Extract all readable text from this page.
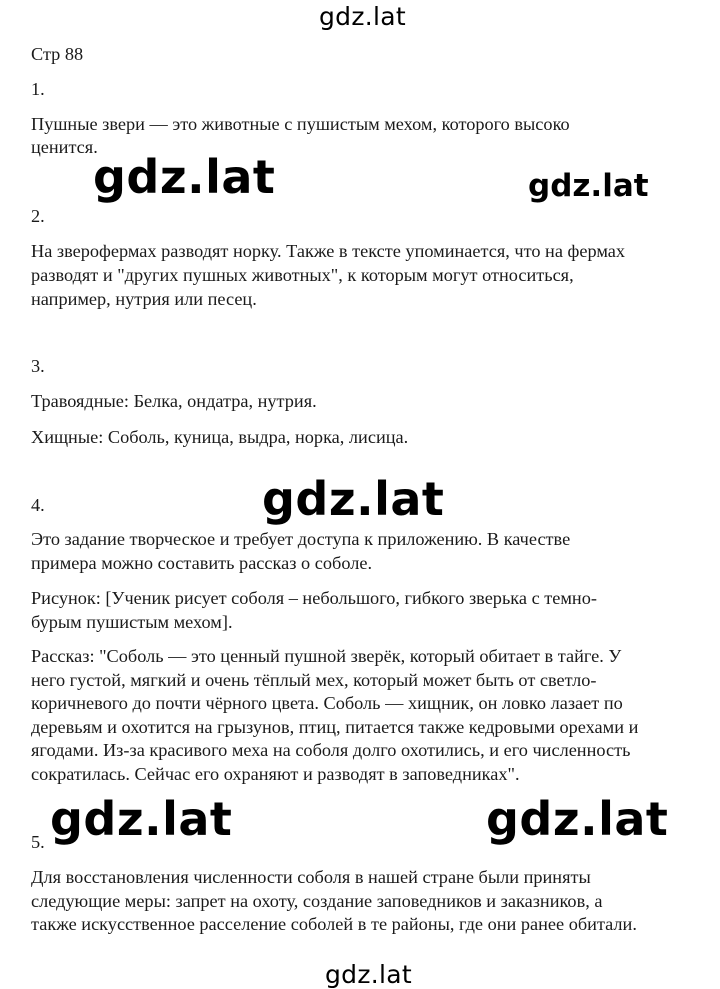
gdz.lat
gdz.lat	gdz.lat
gdz.lat
gdz.lat	gdz.lat
gdz.lat
Стр 88
1.
Пушные звери — это животные с пушистым мехом, которого высоко
ценится.
2.
На зверофермах разводят норку. Также в тексте упоминается, что на фермах
разводят и "других пушных животных", к которым могут относиться,
например, нутрия или песец.
3.
Травоядные: Белка, ондатра, нутрия.
Хищные: Соболь, куница, выдра, норка, лисица.
4.
Это задание творческое и требует доступа к приложению. В качестве
примера можно составить рассказ о соболе.
Рисунок: [Ученик рисует соболя – небольшого, гибкого зверька с темно-
бурым пушистым мехом].
Рассказ: "Соболь — это ценный пушной зверёк, который обитает в тайге. У
него густой, мягкий и очень тёплый мех, который может быть от светло-
коричневого до почти чёрного цвета. Соболь — хищник, он ловко лазает по
деревьям и охотится на грызунов, птиц, питается также кедровыми орехами и
ягодами. Из-за красивого меха на соболя долго охотились, и его численность
сократилась. Сейчас его охраняют и разводят в заповедниках".
5.
Для восстановления численности соболя в нашей стране были приняты
следующие меры: запрет на охоту, создание заповедников и заказников, а
также искусственное расселение соболей в те районы, где они ранее обитали.
